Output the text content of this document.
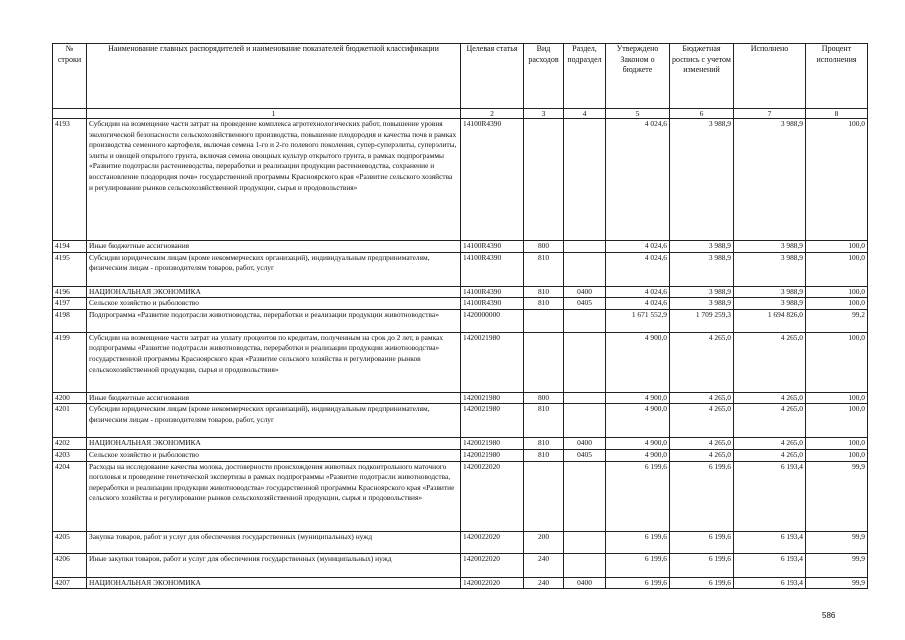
№ строки	Наименование главных распорядителей и наименование показателей бюджетной классификации	Целевая статья	Вид расходов	Раздел, подраздел	Утверждено Законом о бюджете	Бюджетная роспись с учетом изменений	Исполнено	Процент исполнения
	1	2	3	4	5	6	7	8
4193	Субсидии на возмещение части затрат на проведение комплекса агротехнологических работ, повышение уровня экологической безопасности сельскохозяйственного производства, повышение плодородия и качества почв в рамках производства семенного картофеля, включая семена 1-го и 2-го полевого поколения, супер-суперэлиты, суперэлиты, элиты и овощей открытого грунта, включая семена овощных культур открытого грунта, в рамках подпрограммы «Развитие подотрасли растениеводства, переработки и реализации продукции растениеводства, сохранение и восстановление плодородия почв» государственной программы Красноярского края «Развитие сельского хозяйства и регулирование рынков сельскохозяйственной продукции, сырья и продовольствия»	14100R4390			4 024,6	3 988,9	3 988,9	100,0
4194	Иные бюджетные ассигнования	14100R4390	800		4 024,6	3 988,9	3 988,9	100,0
4195	Субсидии юридическим лицам (кроме некоммерческих организаций), индивидуальным предпринимателям, физическим лицам - производителям товаров, работ, услуг	14100R4390	810		4 024,6	3 988,9	3 988,9	100,0
4196	НАЦИОНАЛЬНАЯ ЭКОНОМИКА	14100R4390	810	0400	4 024,6	3 988,9	3 988,9	100,0
4197	Сельское хозяйство и рыболовство	14100R4390	810	0405	4 024,6	3 988,9	3 988,9	100,0
4198	Подпрограмма «Развитие подотрасли животноводства, переработки и реализации продукции животноводства»	1420000000			1 671 552,9	1 709 259,3	1 694 826,0	99,2
4199	Субсидии на возмещение части затрат на уплату процентов по кредитам, полученным на срок до 2 лет, в рамках подпрограммы «Развитие подотрасли животноводства, переработки и реализации продукции животноводства» государственной программы Красноярского края «Развитие сельского хозяйства и регулирование рынков сельскохозяйственной продукции, сырья и продовольствия»	1420021980			4 900,0	4 265,0	4 265,0	100,0
4200	Иные бюджетные ассигнования	1420021980	800		4 900,0	4 265,0	4 265,0	100,0
4201	Субсидии юридическим лицам (кроме некоммерческих организаций), индивидуальным предпринимателям, физическим лицам - производителям товаров, работ, услуг	1420021980	810		4 900,0	4 265,0	4 265,0	100,0
4202	НАЦИОНАЛЬНАЯ ЭКОНОМИКА	1420021980	810	0400	4 900,0	4 265,0	4 265,0	100,0
4203	Сельское хозяйство и рыболовство	1420021980	810	0405	4 900,0	4 265,0	4 265,0	100,0
4204	Расходы на исследование качества молока, достоверности происхождения животных подконтрольного маточного поголовья и проведение генетической экспертизы в рамках подпрограммы «Развитие подотрасли животноводства, переработки и реализации продукции животноводства» государственной программы Красноярского края «Развитие сельского хозяйства и регулирование рынков сельскохозяйственной продукции, сырья и продовольствия»	1420022020			6 199,6	6 199,6	6 193,4	99,9
4205	Закупка товаров, работ и услуг для обеспечения государственных (муниципальных) нужд	1420022020	200		6 199,6	6 199,6	6 193,4	99,9
4206	Иные закупки товаров, работ и услуг для обеспечения государственных (муниципальных) нужд	1420022020	240		6 199,6	6 199,6	6 193,4	99,9
4207	НАЦИОНАЛЬНАЯ ЭКОНОМИКА	1420022020	240	0400	6 199,6	6 199,6	6 193,4	99,9
586
